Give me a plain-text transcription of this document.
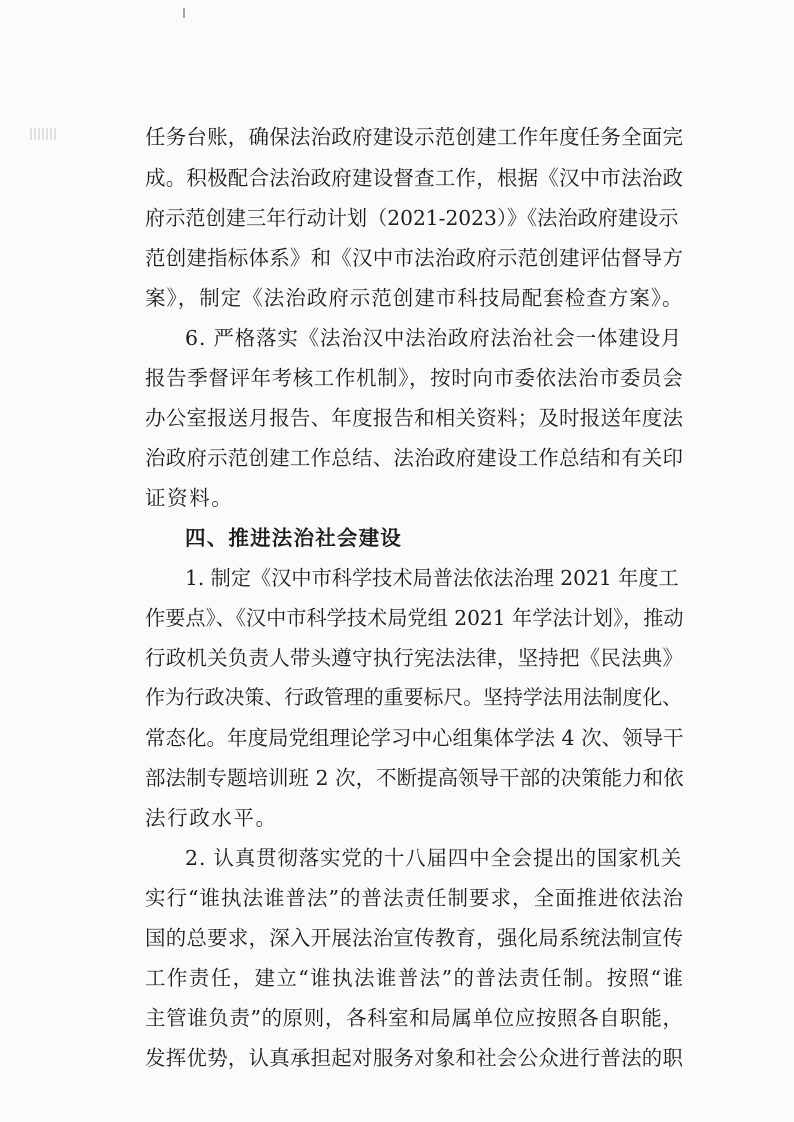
任务台账，确保法治政府建设示范创建工作年度任务全面完
成。积极配合法治政府建设督查工作，根据《汉中市法治政
府示范创建三年行动计划（2021-2023）》《法治政府建设示
范创建指标体系》和《汉中市法治政府示范创建评估督导方
案》，制定《法治政府示范创建市科技局配套检查方案》。
6. 严格落实《法治汉中法治政府法治社会一体建设月
报告季督评年考核工作机制》，按时向市委依法治市委员会
办公室报送月报告、年度报告和相关资料；及时报送年度法
治政府示范创建工作总结、法治政府建设工作总结和有关印
证资料。
四、推进法治社会建设
1. 制定《汉中市科学技术局普法依法治理 2021 年度工
作要点》、《汉中市科学技术局党组 2021 年学法计划》，推动
行政机关负责人带头遵守执行宪法法律，坚持把《民法典》
作为行政决策、行政管理的重要标尺。坚持学法用法制度化、
常态化。年度局党组理论学习中心组集体学法 4 次、领导干
部法制专题培训班 2 次，不断提高领导干部的决策能力和依
法行政水平。
2. 认真贯彻落实党的十八届四中全会提出的国家机关
实行“谁执法谁普法”的普法责任制要求，全面推进依法治
国的总要求，深入开展法治宣传教育，强化局系统法制宣传
工作责任，建立“谁执法谁普法”的普法责任制。按照“谁
主管谁负责”的原则，各科室和局属单位应按照各自职能，
发挥优势，认真承担起对服务对象和社会公众进行普法的职
